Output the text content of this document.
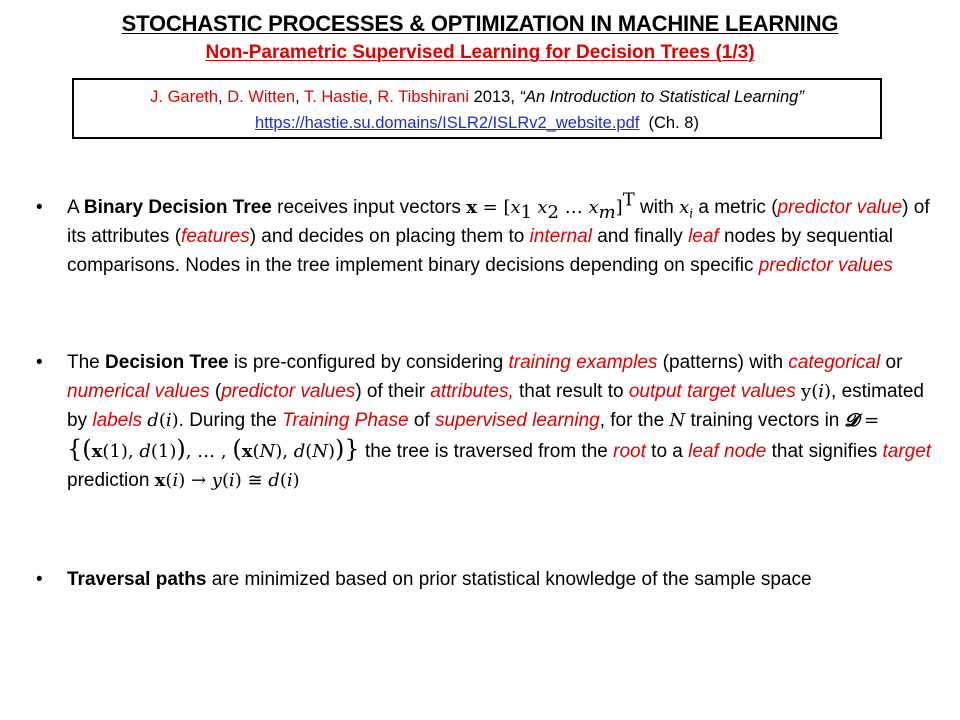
STOCHASTIC PROCESSES & OPTIMIZATION IN MACHINE LEARNING
Non-Parametric Supervised Learning for Decision Trees (1/3)
J. Gareth, D. Witten, T. Hastie, R. Tibshirani 2013, “An Introduction to Statistical Learning”
https://hastie.su.domains/ISLR2/ISLRv2_website.pdf (Ch. 8)
• A Binary Decision Tree receives input vectors $x = [x_1$ $x_2$ … $x_m]^T$ with $x_i$ a metric (predictor value) of its attributes (features) and decides on placing them to internal and finally leaf nodes by sequential comparisons. Nodes in the tree implement binary decisions depending on specific predictor values
• The Decision Tree is pre-configured by considering training examples (patterns) with categorical or numerical values (predictor values) of their attributes, that result to output target values y(i), estimated by labels d(i). During the Training Phase of supervised learning, for the N training vectors in 𝓓 = {(x(1), d(1)), … , (x(N), d(N))} the tree is traversed from the root to a leaf node that signifies target prediction x(i) → y(i) ≅ d(i)
• Traversal paths are minimized based on prior statistical knowledge of the sample space
